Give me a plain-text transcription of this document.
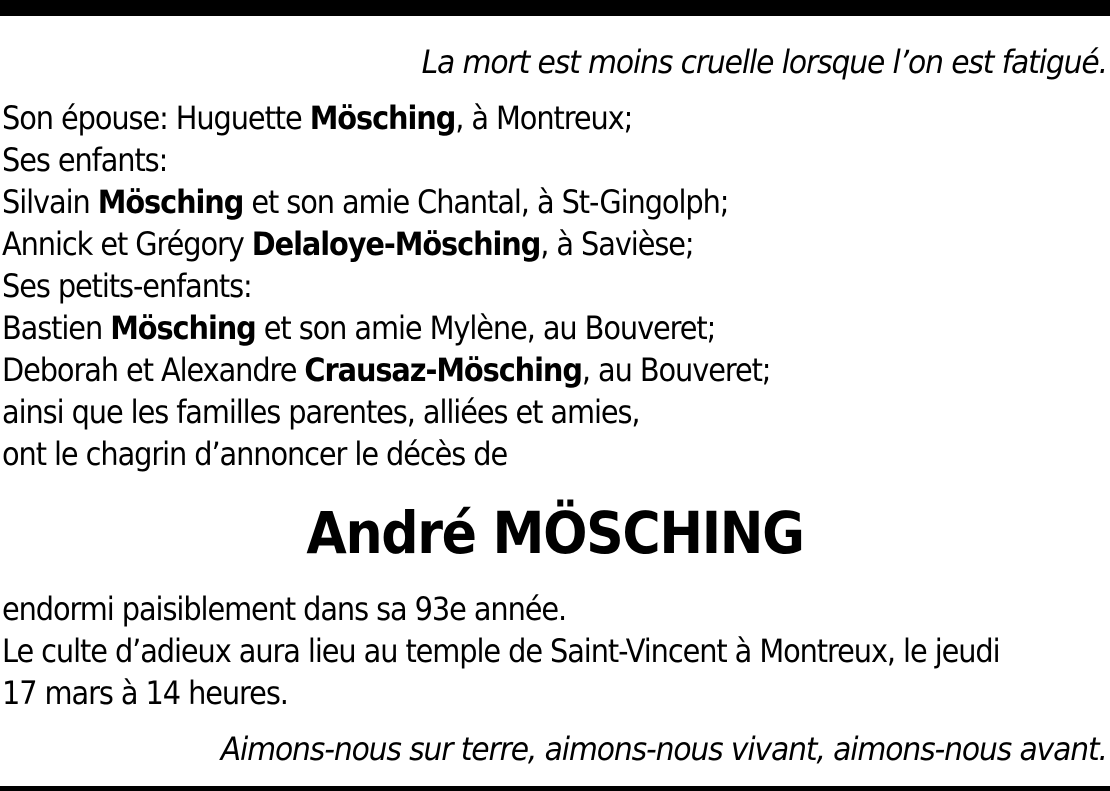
La mort est moins cruelle lorsque l’on est fatigué.
Son épouse: Huguette Mösching, à Montreux;
Ses enfants:
Silvain Mösching et son amie Chantal, à St-Gingolph;
Annick et Grégory Delaloye-Mösching, à Savièse;
Ses petits-enfants:
Bastien Mösching et son amie Mylène, au Bouveret;
Deborah et Alexandre Crausaz-Mösching, au Bouveret;
ainsi que les familles parentes, alliées et amies,
ont le chagrin d’annoncer le décès de
André MÖSCHING
endormi paisiblement dans sa 93e année.
Le culte d’adieux aura lieu au temple de Saint-Vincent à Montreux, le jeudi
17 mars à 14 heures.
Aimons-nous sur terre, aimons-nous vivant, aimons-nous avant.
